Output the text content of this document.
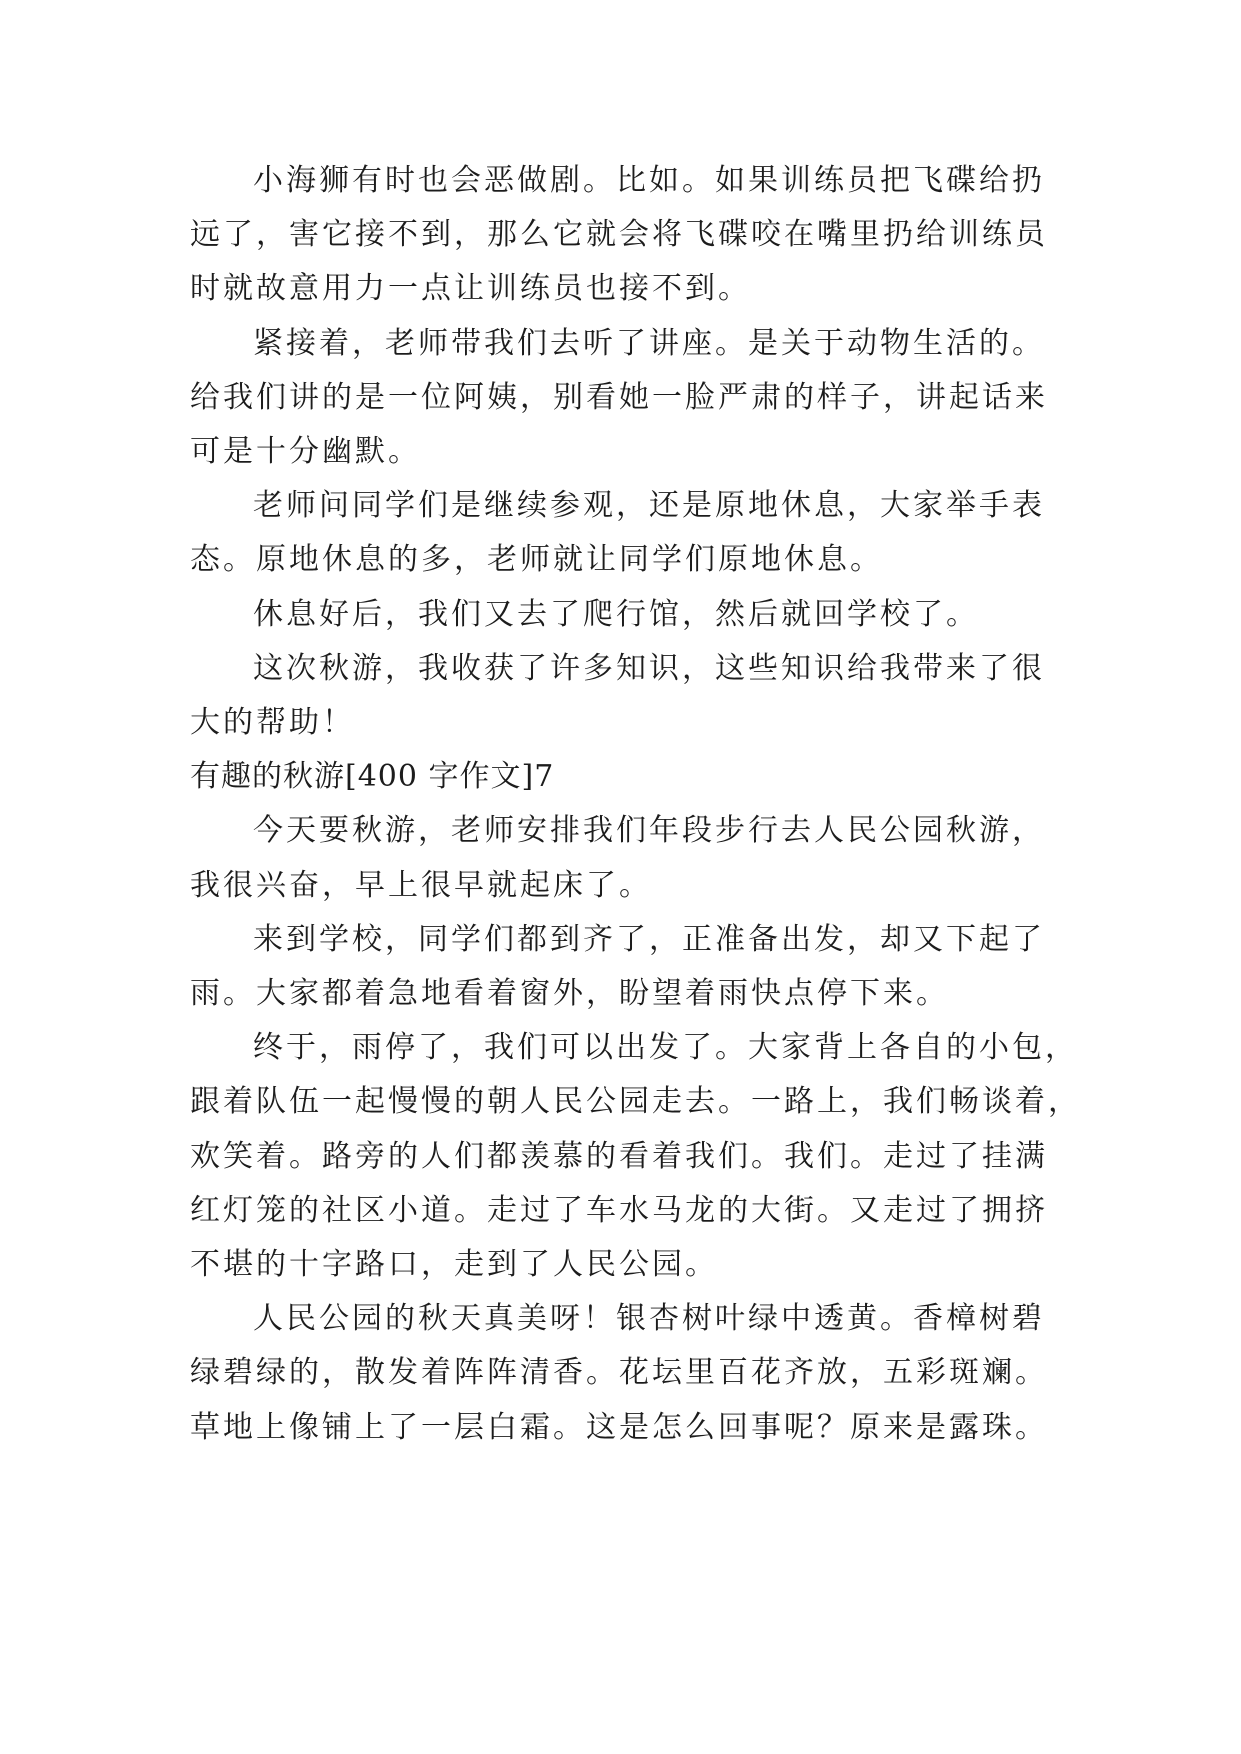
小海狮有时也会恶做剧。比如。如果训练员把飞碟给扔
远了，害它接不到，那么它就会将飞碟咬在嘴里扔给训练员
时就故意用力一点让训练员也接不到。
紧接着，老师带我们去听了讲座。是关于动物生活的。
给我们讲的是一位阿姨，别看她一脸严肃的样子，讲起话来
可是十分幽默。
老师问同学们是继续参观，还是原地休息，大家举手表
态。原地休息的多，老师就让同学们原地休息。
休息好后，我们又去了爬行馆，然后就回学校了。
这次秋游，我收获了许多知识，这些知识给我带来了很
大的帮助！
有趣的秋游[400 字作文]7
今天要秋游，老师安排我们年段步行去人民公园秋游，
我很兴奋，早上很早就起床了。
来到学校，同学们都到齐了，正准备出发，却又下起了
雨。大家都着急地看着窗外，盼望着雨快点停下来。
终于，雨停了，我们可以出发了。大家背上各自的小包，
跟着队伍一起慢慢的朝人民公园走去。一路上，我们畅谈着，
欢笑着。路旁的人们都羡慕的看着我们。我们。走过了挂满
红灯笼的社区小道。走过了车水马龙的大街。又走过了拥挤
不堪的十字路口，走到了人民公园。
人民公园的秋天真美呀！银杏树叶绿中透黄。香樟树碧
绿碧绿的，散发着阵阵清香。花坛里百花齐放，五彩斑斓。
草地上像铺上了一层白霜。这是怎么回事呢？原来是露珠。
